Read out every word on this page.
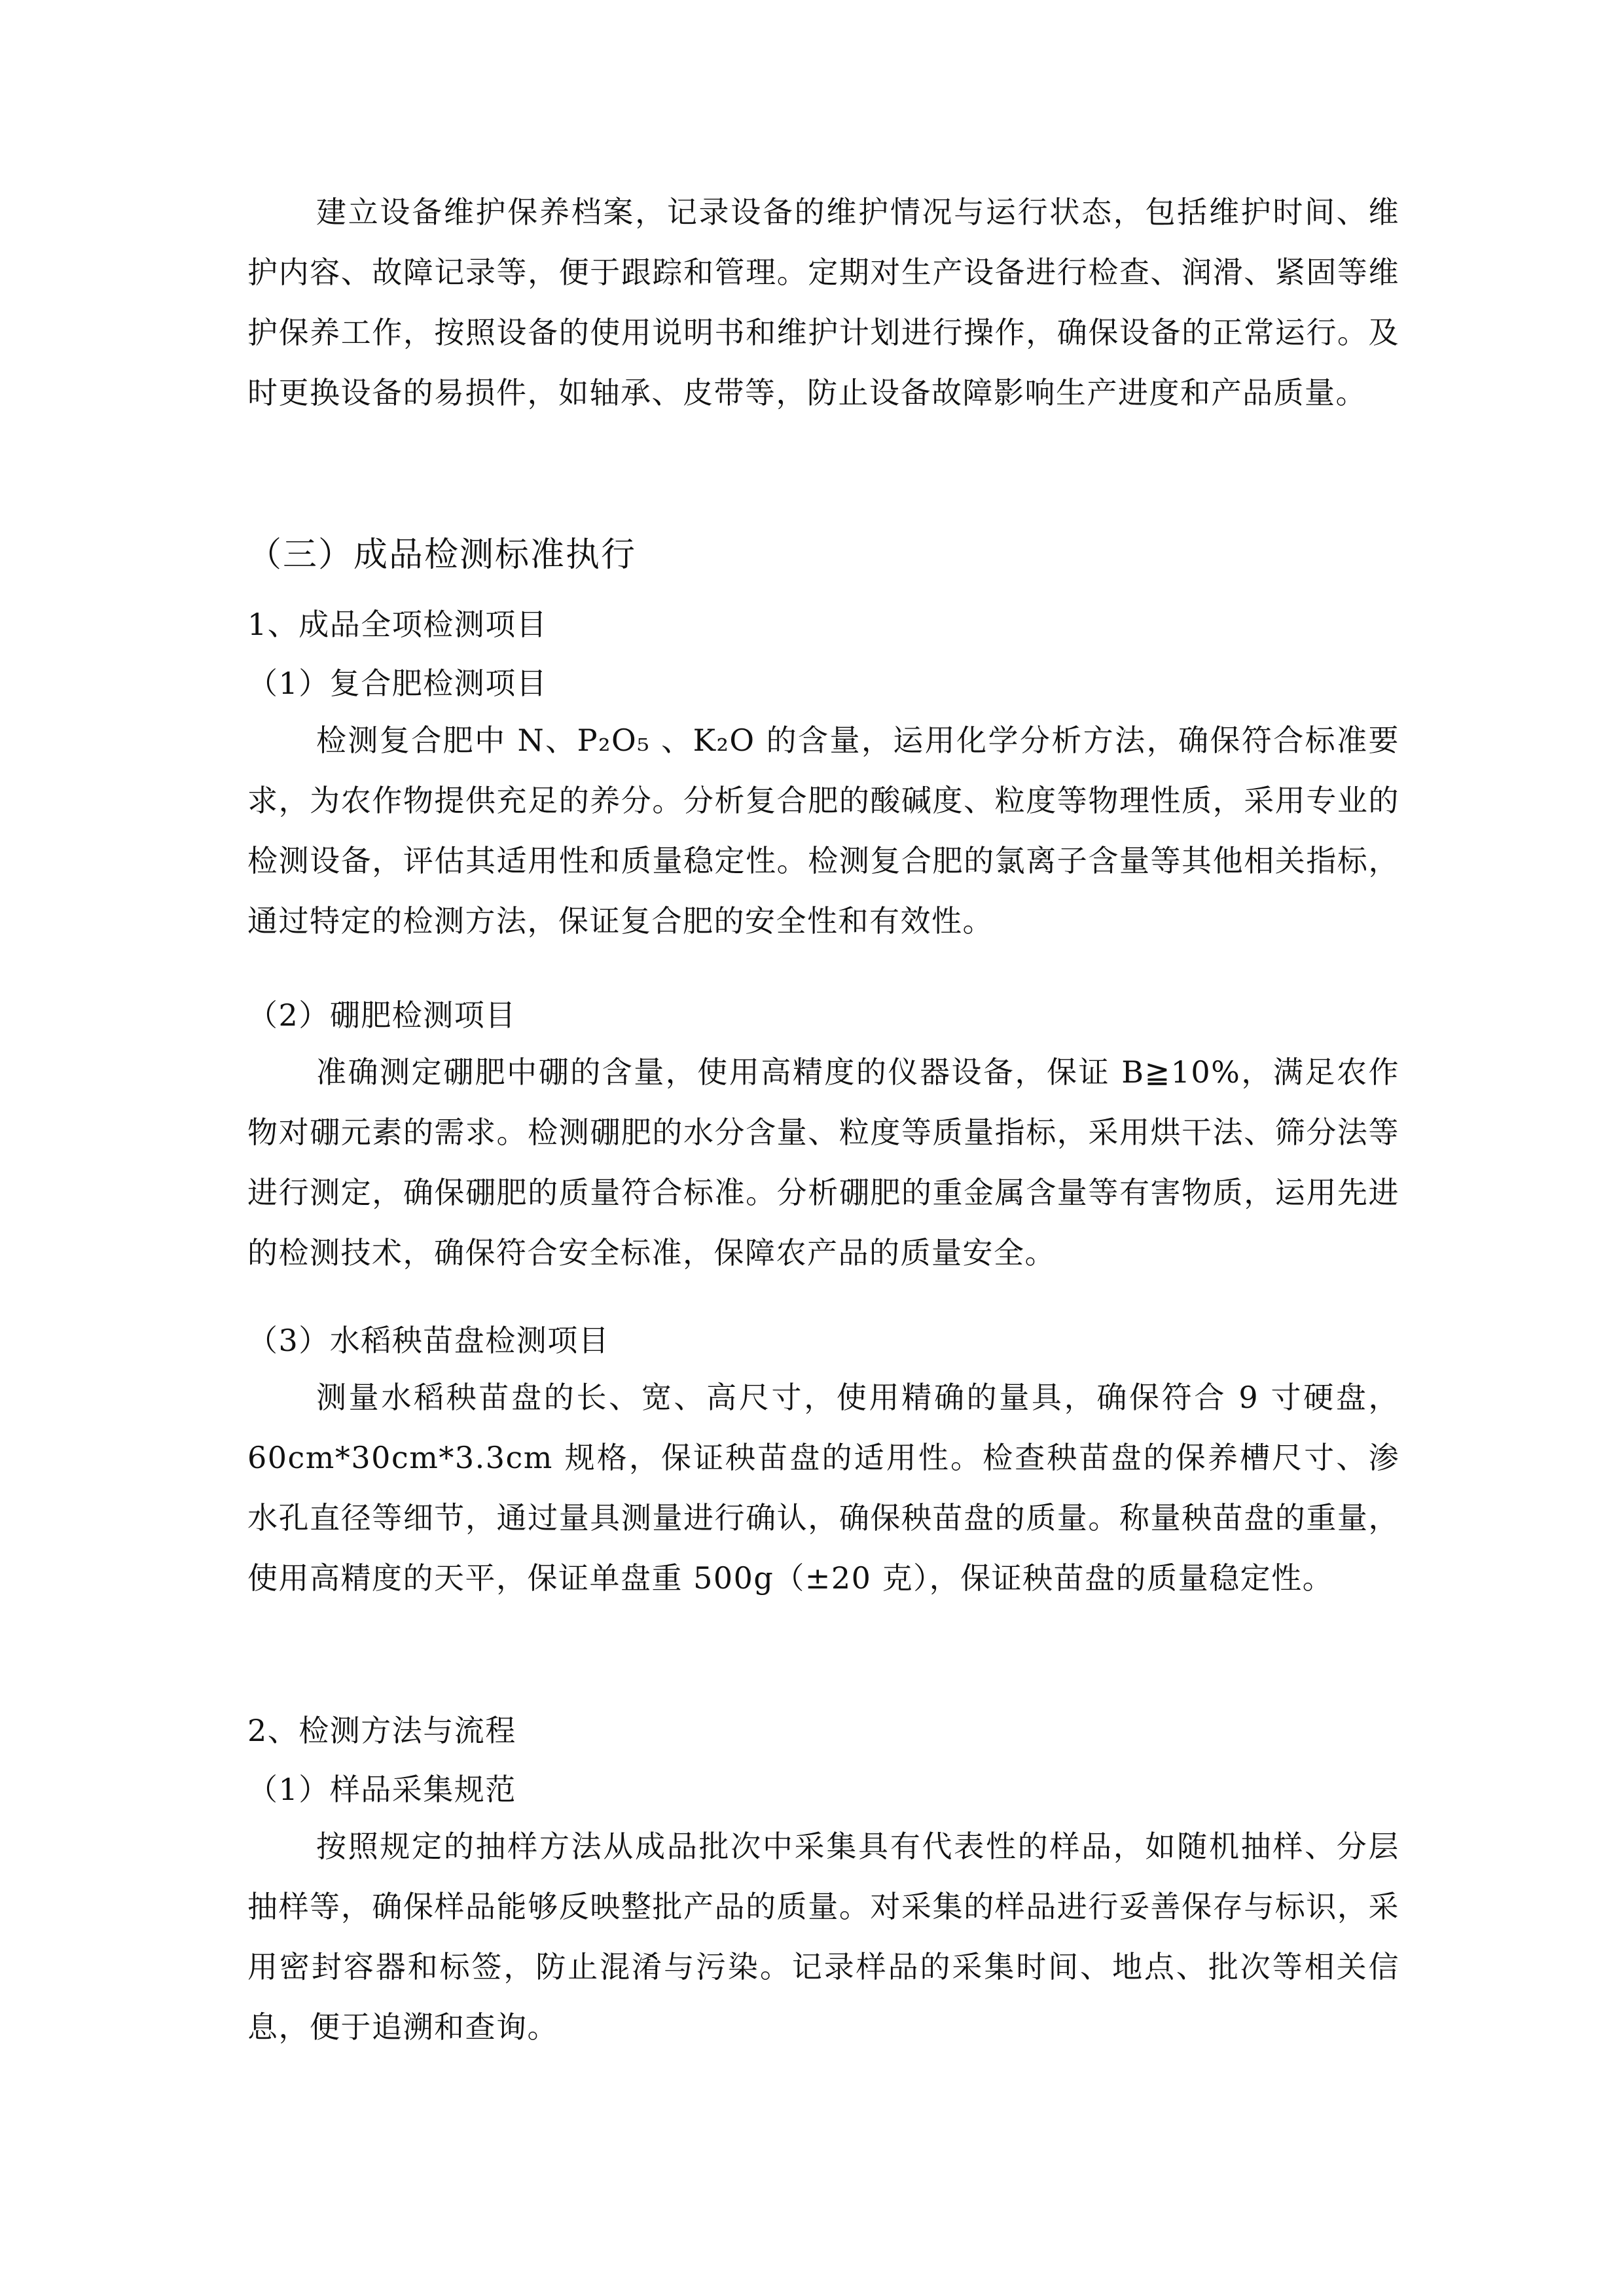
建立设备维护保养档案，记录设备的维护情况与运行状态，包括维护时间、维护内容、故障记录等，便于跟踪和管理。定期对生产设备进行检查、润滑、紧固等维护保养工作，按照设备的使用说明书和维护计划进行操作，确保设备的正常运行。及时更换设备的易损件，如轴承、皮带等，防止设备故障影响生产进度和产品质量。

（三）成品检测标准执行
1、成品全项检测项目
（1）复合肥检测项目

检测复合肥中 N、P₂O₅ 、K₂O 的含量，运用化学分析方法，确保符合标准要求，为农作物提供充足的养分。分析复合肥的酸碱度、粒度等物理性质，采用专业的检测设备，评估其适用性和质量稳定性。检测复合肥的氯离子含量等其他相关指标，通过特定的检测方法，保证复合肥的安全性和有效性。

（2）硼肥检测项目

准确测定硼肥中硼的含量，使用高精度的仪器设备，保证 B≧10%，满足农作物对硼元素的需求。检测硼肥的水分含量、粒度等质量指标，采用烘干法、筛分法等进行测定，确保硼肥的质量符合标准。分析硼肥的重金属含量等有害物质，运用先进的检测技术，确保符合安全标准，保障农产品的质量安全。

（3）水稻秧苗盘检测项目

测量水稻秧苗盘的长、宽、高尺寸，使用精确的量具，确保符合 9 寸硬盘，60cm*30cm*3.3cm 规格，保证秧苗盘的适用性。检查秧苗盘的保养槽尺寸、渗水孔直径等细节，通过量具测量进行确认，确保秧苗盘的质量。称量秧苗盘的重量，使用高精度的天平，保证单盘重 500g（±20 克），保证秧苗盘的质量稳定性。

2、检测方法与流程
（1）样品采集规范

按照规定的抽样方法从成品批次中采集具有代表性的样品，如随机抽样、分层抽样等，确保样品能够反映整批产品的质量。对采集的样品进行妥善保存与标识，采用密封容器和标签，防止混淆与污染。记录样品的采集时间、地点、批次等相关信息，便于追溯和查询。
